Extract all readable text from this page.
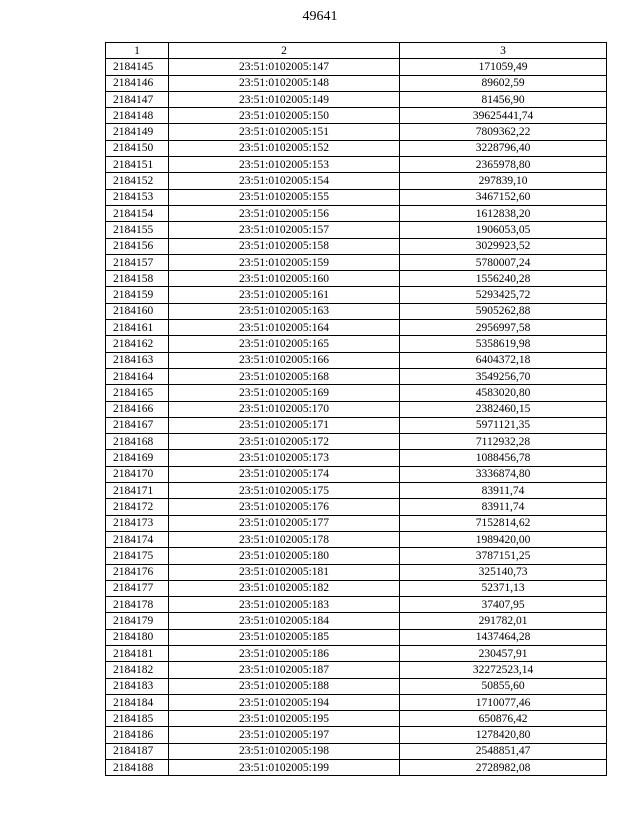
49641
1	2	3
2184145	23:51:0102005:147	171059,49
2184146	23:51:0102005:148	89602,59
2184147	23:51:0102005:149	81456,90
2184148	23:51:0102005:150	39625441,74
2184149	23:51:0102005:151	7809362,22
2184150	23:51:0102005:152	3228796,40
2184151	23:51:0102005:153	2365978,80
2184152	23:51:0102005:154	297839,10
2184153	23:51:0102005:155	3467152,60
2184154	23:51:0102005:156	1612838,20
2184155	23:51:0102005:157	1906053,05
2184156	23:51:0102005:158	3029923,52
2184157	23:51:0102005:159	5780007,24
2184158	23:51:0102005:160	1556240,28
2184159	23:51:0102005:161	5293425,72
2184160	23:51:0102005:163	5905262,88
2184161	23:51:0102005:164	2956997,58
2184162	23:51:0102005:165	5358619,98
2184163	23:51:0102005:166	6404372,18
2184164	23:51:0102005:168	3549256,70
2184165	23:51:0102005:169	4583020,80
2184166	23:51:0102005:170	2382460,15
2184167	23:51:0102005:171	5971121,35
2184168	23:51:0102005:172	7112932,28
2184169	23:51:0102005:173	1088456,78
2184170	23:51:0102005:174	3336874,80
2184171	23:51:0102005:175	83911,74
2184172	23:51:0102005:176	83911,74
2184173	23:51:0102005:177	7152814,62
2184174	23:51:0102005:178	1989420,00
2184175	23:51:0102005:180	3787151,25
2184176	23:51:0102005:181	325140,73
2184177	23:51:0102005:182	52371,13
2184178	23:51:0102005:183	37407,95
2184179	23:51:0102005:184	291782,01
2184180	23:51:0102005:185	1437464,28
2184181	23:51:0102005:186	230457,91
2184182	23:51:0102005:187	32272523,14
2184183	23:51:0102005:188	50855,60
2184184	23:51:0102005:194	1710077,46
2184185	23:51:0102005:195	650876,42
2184186	23:51:0102005:197	1278420,80
2184187	23:51:0102005:198	2548851,47
2184188	23:51:0102005:199	2728982,08
